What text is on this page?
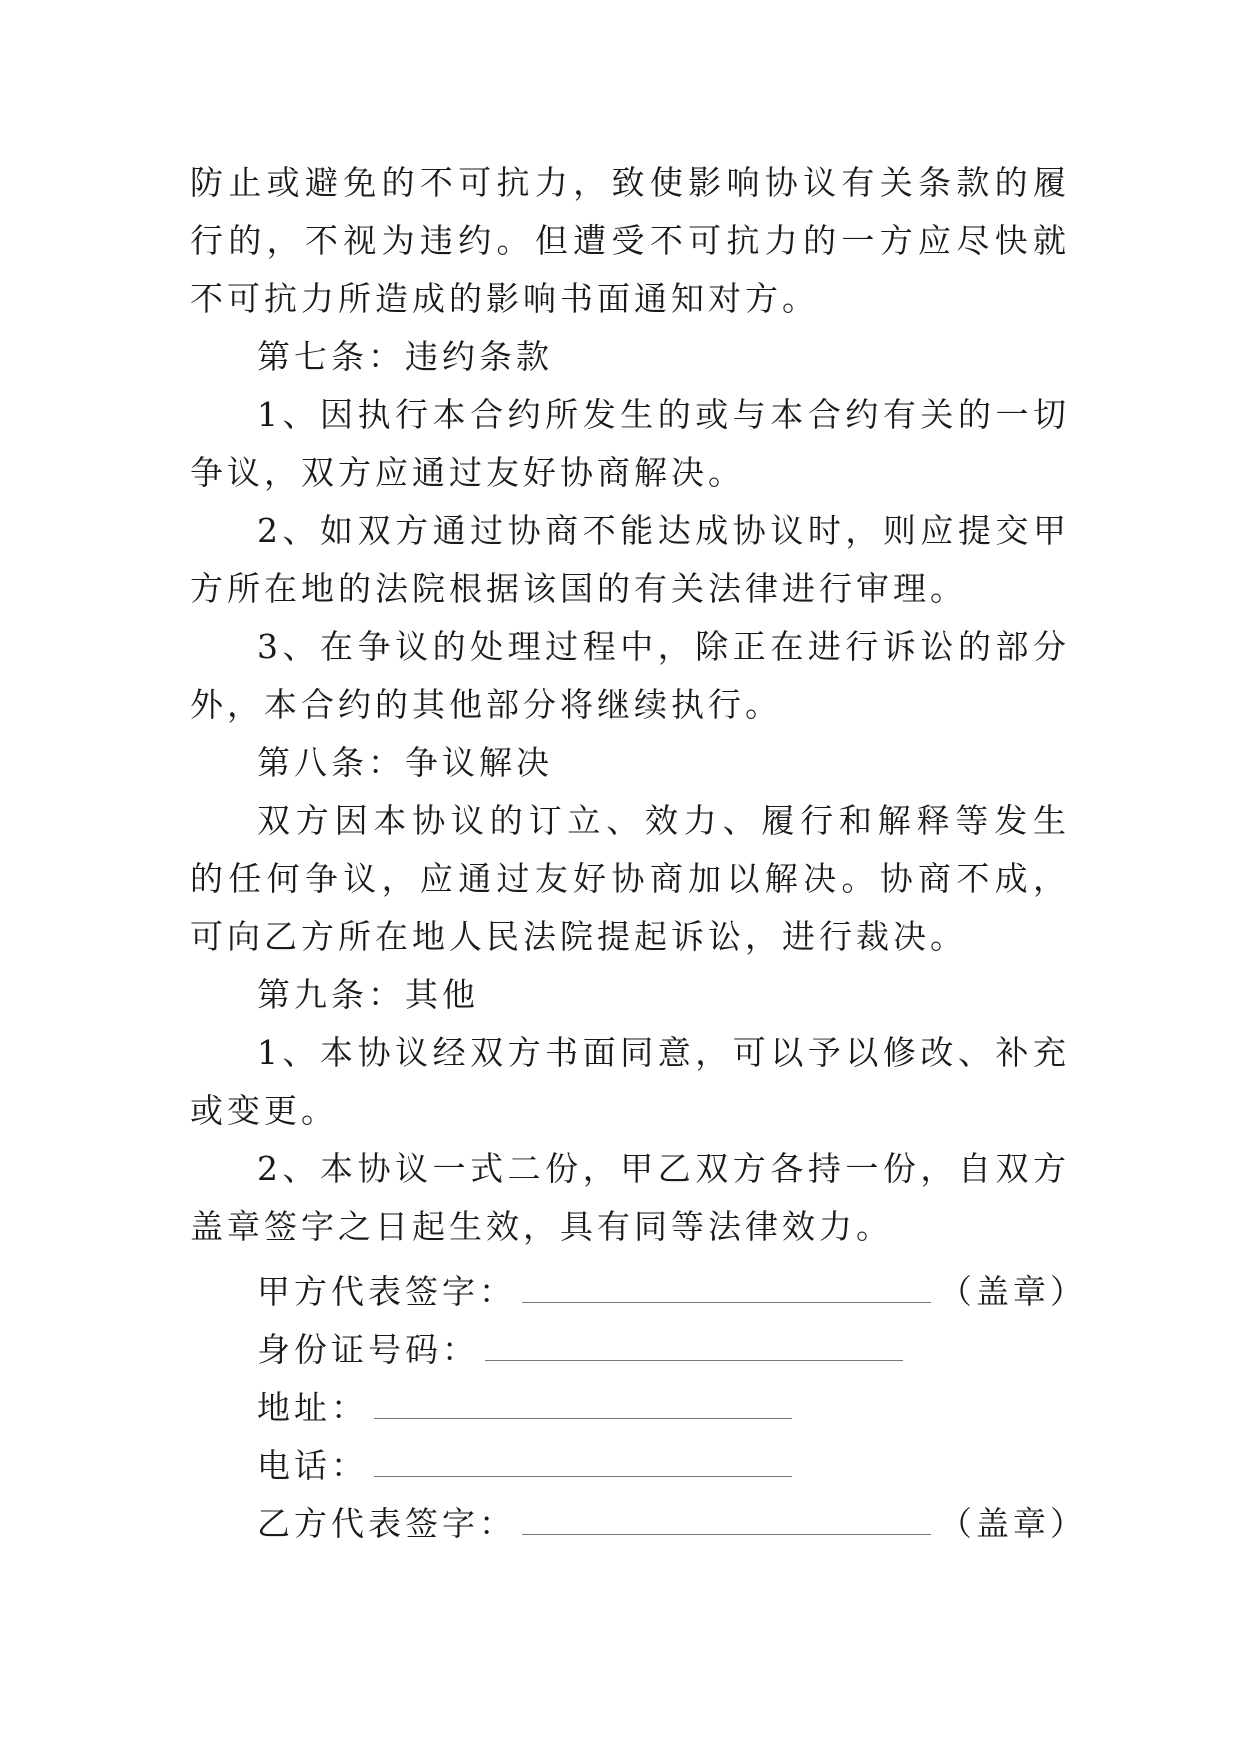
防止或避免的不可抗力，致使影响协议有关条款的履行的，不视为违约。但遭受不可抗力的一方应尽快就不可抗力所造成的影响书面通知对方。

第七条：违约条款

1、因执行本合约所发生的或与本合约有关的一切争议，双方应通过友好协商解决。

2、如双方通过协商不能达成协议时，则应提交甲方所在地的法院根据该国的有关法律进行审理。

3、在争议的处理过程中，除正在进行诉讼的部分外，本合约的其他部分将继续执行。

第八条：争议解决

双方因本协议的订立、效力、履行和解释等发生的任何争议，应通过友好协商加以解决。协商不成，可向乙方所在地人民法院提起诉讼，进行裁决。

第九条：其他

1、本协议经双方书面同意，可以予以修改、补充或变更。

2、本协议一式二份，甲乙双方各持一份，自双方盖章签字之日起生效，具有同等法律效力。

甲方代表签字：	（盖章）
身份证号码：
地址：
电话：
乙方代表签字：	（盖章）
